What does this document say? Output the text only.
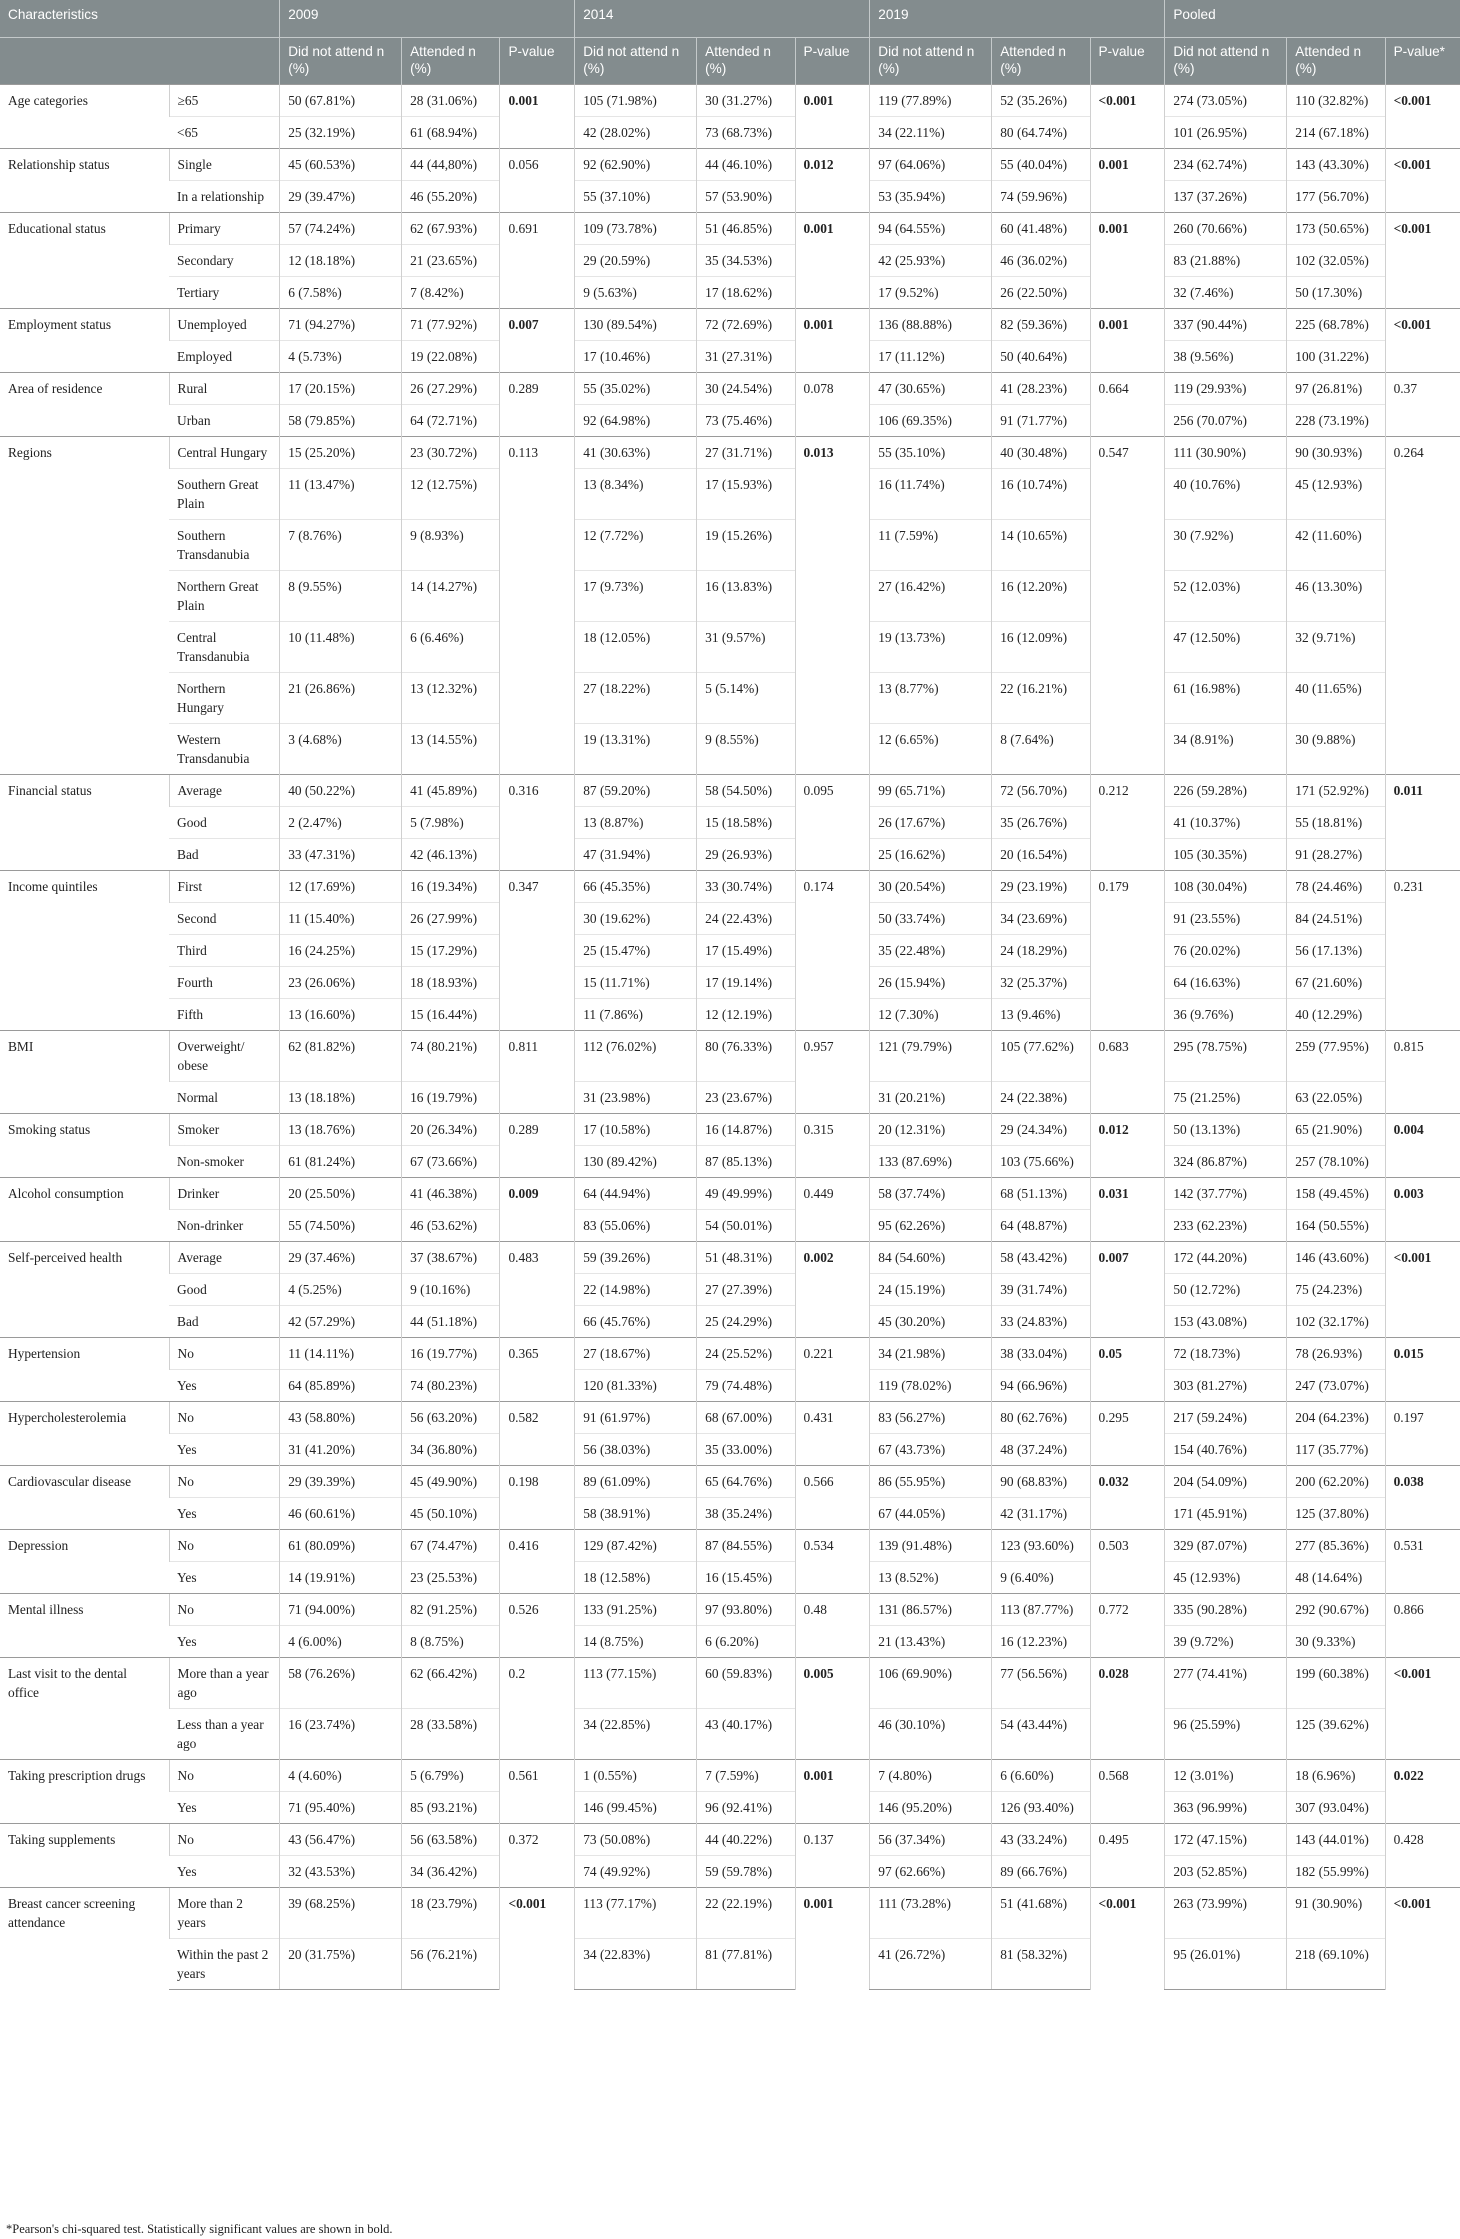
Characteristics		2009			2014			2019			Pooled		
		Did not attend n (%)	Attended n (%)	P-value	Did not attend n (%)	Attended n (%)	P-value	Did not attend n (%)	Attended n (%)	P-value	Did not attend n (%)	Attended n (%)	P-value*
Age categories	≥65	50 (67.81%)	28 (31.06%)	0.001	105 (71.98%)	30 (31.27%)	0.001	119 (77.89%)	52 (35.26%)	<0.001	274 (73.05%)	110 (32.82%)	<0.001
	<65	25 (32.19%)	61 (68.94%)		42 (28.02%)	73 (68.73%)		34 (22.11%)	80 (64.74%)		101 (26.95%)	214 (67.18%)	
Relationship status	Single	45 (60.53%)	44 (44,80%)	0.056	92 (62.90%)	44 (46.10%)	0.012	97 (64.06%)	55 (40.04%)	0.001	234 (62.74%)	143 (43.30%)	<0.001
	In a relationship	29 (39.47%)	46 (55.20%)		55 (37.10%)	57 (53.90%)		53 (35.94%)	74 (59.96%)		137 (37.26%)	177 (56.70%)	
Educational status	Primary	57 (74.24%)	62 (67.93%)	0.691	109 (73.78%)	51 (46.85%)	0.001	94 (64.55%)	60 (41.48%)	0.001	260 (70.66%)	173 (50.65%)	<0.001
	Secondary	12 (18.18%)	21 (23.65%)		29 (20.59%)	35 (34.53%)		42 (25.93%)	46 (36.02%)		83 (21.88%)	102 (32.05%)	
	Tertiary	6 (7.58%)	7 (8.42%)		9 (5.63%)	17 (18.62%)		17 (9.52%)	26 (22.50%)		32 (7.46%)	50 (17.30%)	
Employment status	Unemployed	71 (94.27%)	71 (77.92%)	0.007	130 (89.54%)	72 (72.69%)	0.001	136 (88.88%)	82 (59.36%)	0.001	337 (90.44%)	225 (68.78%)	<0.001
	Employed	4 (5.73%)	19 (22.08%)		17 (10.46%)	31 (27.31%)		17 (11.12%)	50 (40.64%)		38 (9.56%)	100 (31.22%)	
Area of residence	Rural	17 (20.15%)	26 (27.29%)	0.289	55 (35.02%)	30 (24.54%)	0.078	47 (30.65%)	41 (28.23%)	0.664	119 (29.93%)	97 (26.81%)	0.37
	Urban	58 (79.85%)	64 (72.71%)		92 (64.98%)	73 (75.46%)		106 (69.35%)	91 (71.77%)		256 (70.07%)	228 (73.19%)	
Regions	Central Hungary	15 (25.20%)	23 (30.72%)	0.113	41 (30.63%)	27 (31.71%)	0.013	55 (35.10%)	40 (30.48%)	0.547	111 (30.90%)	90 (30.93%)	0.264
	Southern Great Plain	11 (13.47%)	12 (12.75%)		13 (8.34%)	17 (15.93%)		16 (11.74%)	16 (10.74%)		40 (10.76%)	45 (12.93%)	
	Southern Transdanubia	7 (8.76%)	9 (8.93%)		12 (7.72%)	19 (15.26%)		11 (7.59%)	14 (10.65%)		30 (7.92%)	42 (11.60%)	
	Northern Great Plain	8 (9.55%)	14 (14.27%)		17 (9.73%)	16 (13.83%)		27 (16.42%)	16 (12.20%)		52 (12.03%)	46 (13.30%)	
	Central Transdanubia	10 (11.48%)	6 (6.46%)		18 (12.05%)	31 (9.57%)		19 (13.73%)	16 (12.09%)		47 (12.50%)	32 (9.71%)	
	Northern Hungary	21 (26.86%)	13 (12.32%)		27 (18.22%)	5 (5.14%)		13 (8.77%)	22 (16.21%)		61 (16.98%)	40 (11.65%)	
	Western Transdanubia	3 (4.68%)	13 (14.55%)		19 (13.31%)	9 (8.55%)		12 (6.65%)	8 (7.64%)		34 (8.91%)	30 (9.88%)	
Financial status	Average	40 (50.22%)	41 (45.89%)	0.316	87 (59.20%)	58 (54.50%)	0.095	99 (65.71%)	72 (56.70%)	0.212	226 (59.28%)	171 (52.92%)	0.011
	Good	2 (2.47%)	5 (7.98%)		13 (8.87%)	15 (18.58%)		26 (17.67%)	35 (26.76%)		41 (10.37%)	55 (18.81%)	
	Bad	33 (47.31%)	42 (46.13%)		47 (31.94%)	29 (26.93%)		25 (16.62%)	20 (16.54%)		105 (30.35%)	91 (28.27%)	
Income quintiles	First	12 (17.69%)	16 (19.34%)	0.347	66 (45.35%)	33 (30.74%)	0.174	30 (20.54%)	29 (23.19%)	0.179	108 (30.04%)	78 (24.46%)	0.231
	Second	11 (15.40%)	26 (27.99%)		30 (19.62%)	24 (22.43%)		50 (33.74%)	34 (23.69%)		91 (23.55%)	84 (24.51%)	
	Third	16 (24.25%)	15 (17.29%)		25 (15.47%)	17 (15.49%)		35 (22.48%)	24 (18.29%)		76 (20.02%)	56 (17.13%)	
	Fourth	23 (26.06%)	18 (18.93%)		15 (11.71%)	17 (19.14%)		26 (15.94%)	32 (25.37%)		64 (16.63%)	67 (21.60%)	
	Fifth	13 (16.60%)	15 (16.44%)		11 (7.86%)	12 (12.19%)		12 (7.30%)	13 (9.46%)		36 (9.76%)	40 (12.29%)	
BMI	Overweight/ obese	62 (81.82%)	74 (80.21%)	0.811	112 (76.02%)	80 (76.33%)	0.957	121 (79.79%)	105 (77.62%)	0.683	295 (78.75%)	259 (77.95%)	0.815
	Normal	13 (18.18%)	16 (19.79%)		31 (23.98%)	23 (23.67%)		31 (20.21%)	24 (22.38%)		75 (21.25%)	63 (22.05%)	
Smoking status	Smoker	13 (18.76%)	20 (26.34%)	0.289	17 (10.58%)	16 (14.87%)	0.315	20 (12.31%)	29 (24.34%)	0.012	50 (13.13%)	65 (21.90%)	0.004
	Non-smoker	61 (81.24%)	67 (73.66%)		130 (89.42%)	87 (85.13%)		133 (87.69%)	103 (75.66%)		324 (86.87%)	257 (78.10%)	
Alcohol consumption	Drinker	20 (25.50%)	41 (46.38%)	0.009	64 (44.94%)	49 (49.99%)	0.449	58 (37.74%)	68 (51.13%)	0.031	142 (37.77%)	158 (49.45%)	0.003
	Non-drinker	55 (74.50%)	46 (53.62%)		83 (55.06%)	54 (50.01%)		95 (62.26%)	64 (48.87%)		233 (62.23%)	164 (50.55%)	
Self-perceived health	Average	29 (37.46%)	37 (38.67%)	0.483	59 (39.26%)	51 (48.31%)	0.002	84 (54.60%)	58 (43.42%)	0.007	172 (44.20%)	146 (43.60%)	<0.001
	Good	4 (5.25%)	9 (10.16%)		22 (14.98%)	27 (27.39%)		24 (15.19%)	39 (31.74%)		50 (12.72%)	75 (24.23%)	
	Bad	42 (57.29%)	44 (51.18%)		66 (45.76%)	25 (24.29%)		45 (30.20%)	33 (24.83%)		153 (43.08%)	102 (32.17%)	
Hypertension	No	11 (14.11%)	16 (19.77%)	0.365	27 (18.67%)	24 (25.52%)	0.221	34 (21.98%)	38 (33.04%)	0.05	72 (18.73%)	78 (26.93%)	0.015
	Yes	64 (85.89%)	74 (80.23%)		120 (81.33%)	79 (74.48%)		119 (78.02%)	94 (66.96%)		303 (81.27%)	247 (73.07%)	
Hypercholesterolemia	No	43 (58.80%)	56 (63.20%)	0.582	91 (61.97%)	68 (67.00%)	0.431	83 (56.27%)	80 (62.76%)	0.295	217 (59.24%)	204 (64.23%)	0.197
	Yes	31 (41.20%)	34 (36.80%)		56 (38.03%)	35 (33.00%)		67 (43.73%)	48 (37.24%)		154 (40.76%)	117 (35.77%)	
Cardiovascular disease	No	29 (39.39%)	45 (49.90%)	0.198	89 (61.09%)	65 (64.76%)	0.566	86 (55.95%)	90 (68.83%)	0.032	204 (54.09%)	200 (62.20%)	0.038
	Yes	46 (60.61%)	45 (50.10%)		58 (38.91%)	38 (35.24%)		67 (44.05%)	42 (31.17%)		171 (45.91%)	125 (37.80%)	
Depression	No	61 (80.09%)	67 (74.47%)	0.416	129 (87.42%)	87 (84.55%)	0.534	139 (91.48%)	123 (93.60%)	0.503	329 (87.07%)	277 (85.36%)	0.531
	Yes	14 (19.91%)	23 (25.53%)		18 (12.58%)	16 (15.45%)		13 (8.52%)	9 (6.40%)		45 (12.93%)	48 (14.64%)	
Mental illness	No	71 (94.00%)	82 (91.25%)	0.526	133 (91.25%)	97 (93.80%)	0.48	131 (86.57%)	113 (87.77%)	0.772	335 (90.28%)	292 (90.67%)	0.866
	Yes	4 (6.00%)	8 (8.75%)		14 (8.75%)	6 (6.20%)		21 (13.43%)	16 (12.23%)		39 (9.72%)	30 (9.33%)	
Last visit to the dental office	More than a year ago	58 (76.26%)	62 (66.42%)	0.2	113 (77.15%)	60 (59.83%)	0.005	106 (69.90%)	77 (56.56%)	0.028	277 (74.41%)	199 (60.38%)	<0.001
	Less than a year ago	16 (23.74%)	28 (33.58%)		34 (22.85%)	43 (40.17%)		46 (30.10%)	54 (43.44%)		96 (25.59%)	125 (39.62%)	
Taking prescription drugs	No	4 (4.60%)	5 (6.79%)	0.561	1 (0.55%)	7 (7.59%)	0.001	7 (4.80%)	6 (6.60%)	0.568	12 (3.01%)	18 (6.96%)	0.022
	Yes	71 (95.40%)	85 (93.21%)		146 (99.45%)	96 (92.41%)		146 (95.20%)	126 (93.40%)		363 (96.99%)	307 (93.04%)	
Taking supplements	No	43 (56.47%)	56 (63.58%)	0.372	73 (50.08%)	44 (40.22%)	0.137	56 (37.34%)	43 (33.24%)	0.495	172 (47.15%)	143 (44.01%)	0.428
	Yes	32 (43.53%)	34 (36.42%)		74 (49.92%)	59 (59.78%)		97 (62.66%)	89 (66.76%)		203 (52.85%)	182 (55.99%)	
Breast cancer screening attendance	More than 2 years	39 (68.25%)	18 (23.79%)	<0.001	113 (77.17%)	22 (22.19%)	0.001	111 (73.28%)	51 (41.68%)	<0.001	263 (73.99%)	91 (30.90%)	<0.001
	Within the past 2 years	20 (31.75%)	56 (76.21%)		34 (22.83%)	81 (77.81%)		41 (26.72%)	81 (58.32%)		95 (26.01%)	218 (69.10%)	
*Pearson's chi-squared test. Statistically significant values are shown in bold.
